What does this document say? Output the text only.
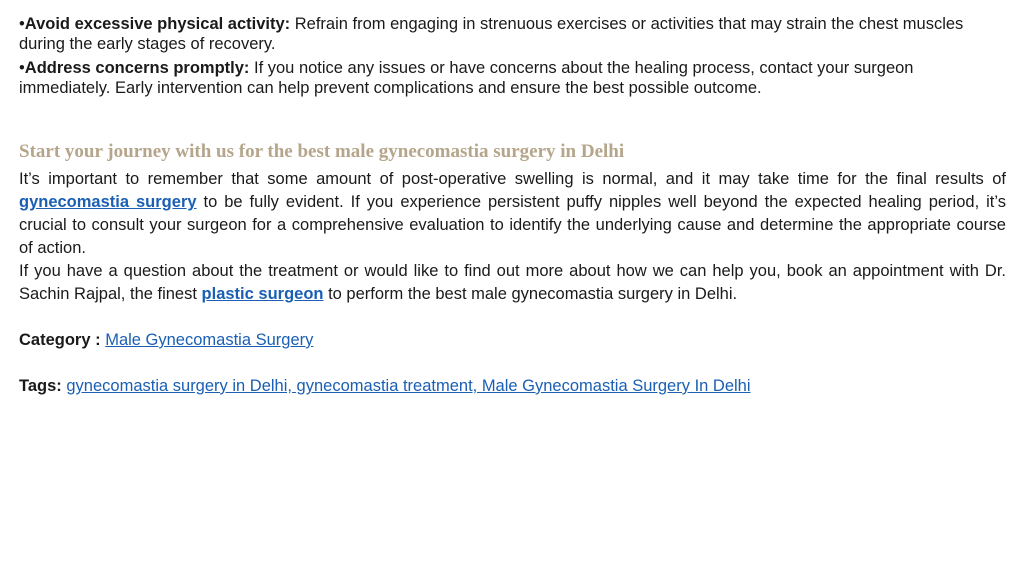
•Avoid excessive physical activity: Refrain from engaging in strenuous exercises or activities that may strain the chest muscles during the early stages of recovery.

•Address concerns promptly: If you notice any issues or have concerns about the healing process, contact your surgeon immediately. Early intervention can help prevent complications and ensure the best possible outcome.

Start your journey with us for the best male gynecomastia surgery in Delhi

It’s important to remember that some amount of post-operative swelling is normal, and it may take time for the final results of gynecomastia surgery to be fully evident. If you experience persistent puffy nipples well beyond the expected healing period, it’s crucial to consult your surgeon for a comprehensive evaluation to identify the underlying cause and determine the appropriate course of action.

If you have a question about the treatment or would like to find out more about how we can help you, book an appointment with Dr. Sachin Rajpal, the finest plastic surgeon to perform the best male gynecomastia surgery in Delhi.

Category : Male Gynecomastia Surgery

Tags: gynecomastia surgery in Delhi, gynecomastia treatment, Male Gynecomastia Surgery In Delhi
